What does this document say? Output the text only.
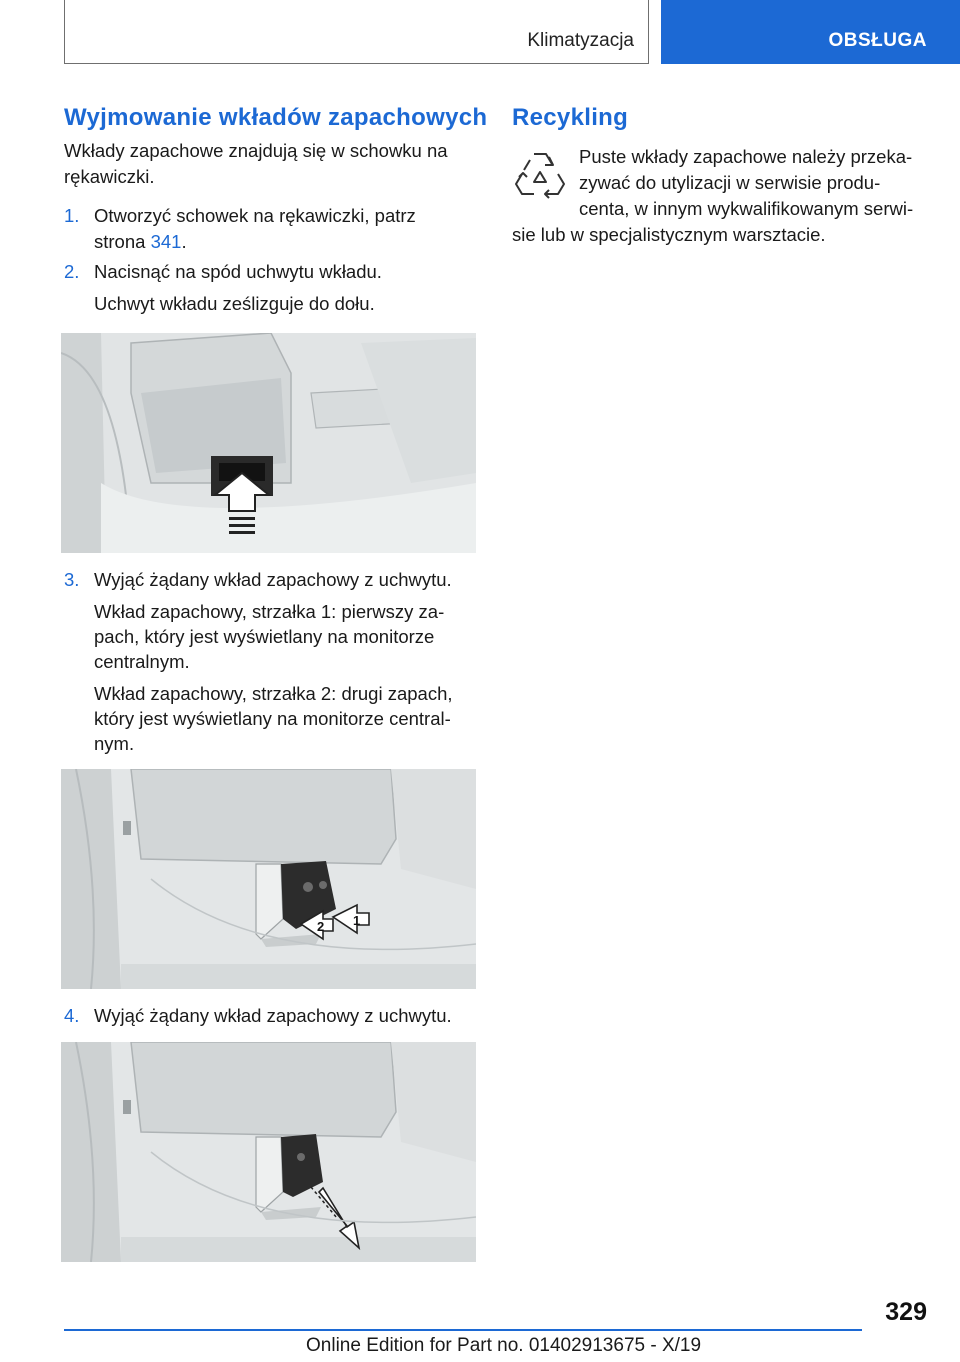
Klimatyzacja	OBSŁUGA
Wyjmowanie wkładów zapachowych

Wkłady zapachowe znajdują się w schowku na

rękawiczki.

1. Otworzyć schowek na rękawiczki, patrz

strona 341.

2. Nacisnąć na spód uchwytu wkładu.

Uchwyt wkładu ześlizguje do dołu.

3. Wyjąć żądany wkład zapachowy z uchwytu.

Wkład zapachowy, strzałka 1: pierwszy za-

pach, który jest wyświetlany na monitorze

centralnym.

Wkład zapachowy, strzałka 2: drugi zapach,

który jest wyświetlany na monitorze central-

nym.

2 1
4. Wyjąć żądany wkład zapachowy z uchwytu.

Recykling

Puste wkłady zapachowe należy przeka-

zywać do utylizacji w serwisie produ-

centa, w innym wykwalifikowanym serwi-

sie lub w specjalistycznym warsztacie.

329
Online Edition for Part no. 01402913675 - X/19
